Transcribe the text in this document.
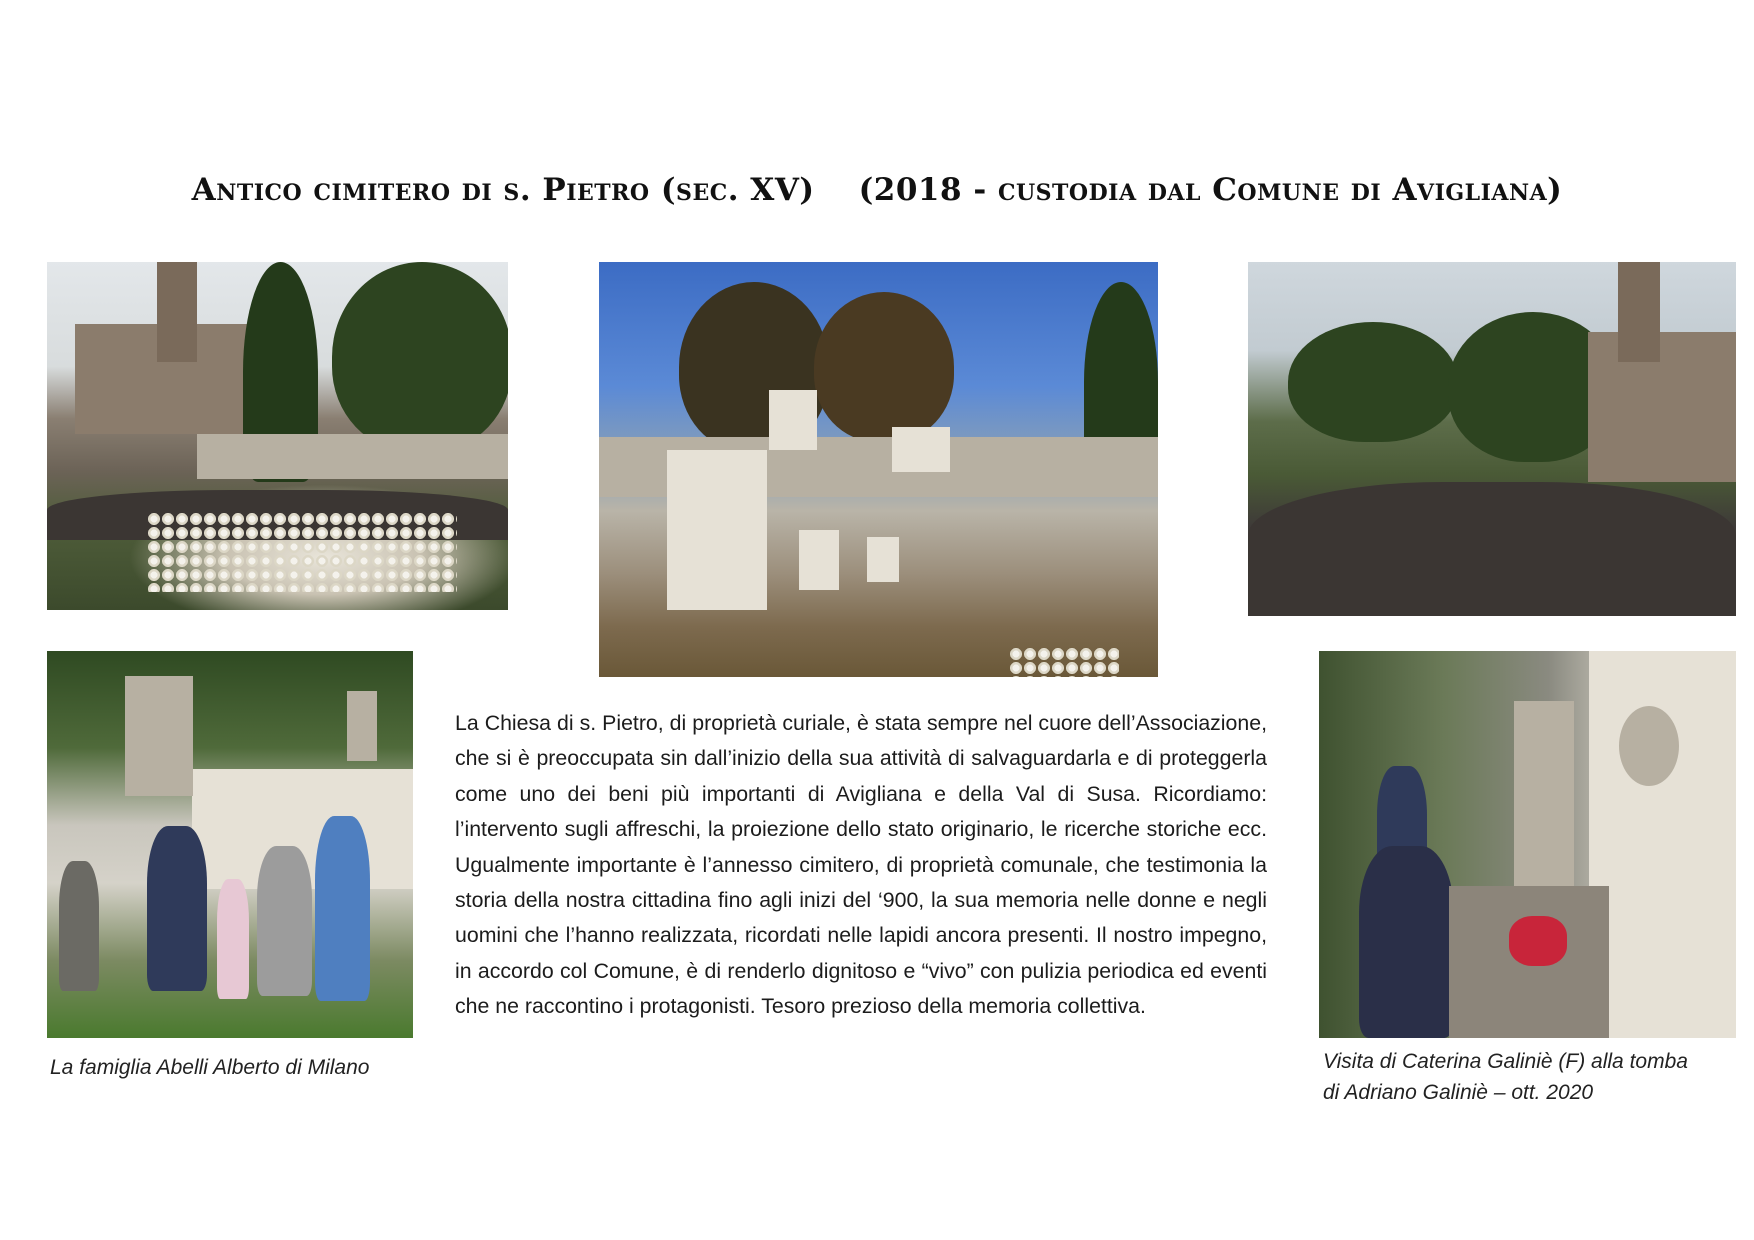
Antico cimitero di s. Pietro (sec. XV) (2018 - custodia dal Comune di Avigliana)
La Chiesa di s. Pietro, di proprietà curiale, è stata sempre nel cuore dell’Associazione, che si è preoccupata sin dall’inizio della sua attività di salvaguardarla e di proteggerla come uno dei beni più importanti di Avigliana e della Val di Susa. Ricordiamo: l’intervento sugli affreschi, la proiezione dello stato originario, le ricerche storiche ecc. Ugualmente importante è l’annesso cimitero, di proprietà comunale, che testimonia la storia della nostra cittadina fino agli inizi del ‘900, la sua memoria nelle donne e negli uomini che l’hanno realizzata, ricordati nelle lapidi ancora presenti. Il nostro impegno, in accordo col Comune, è di renderlo dignitoso e “vivo” con pulizia periodica ed eventi che ne raccontino i protagonisti. Tesoro prezioso della memoria collettiva.
La famiglia Abelli Alberto di Milano	Visita di Caterina Galiniè (F) alla tomba
di Adriano Galiniè – ott. 2020
